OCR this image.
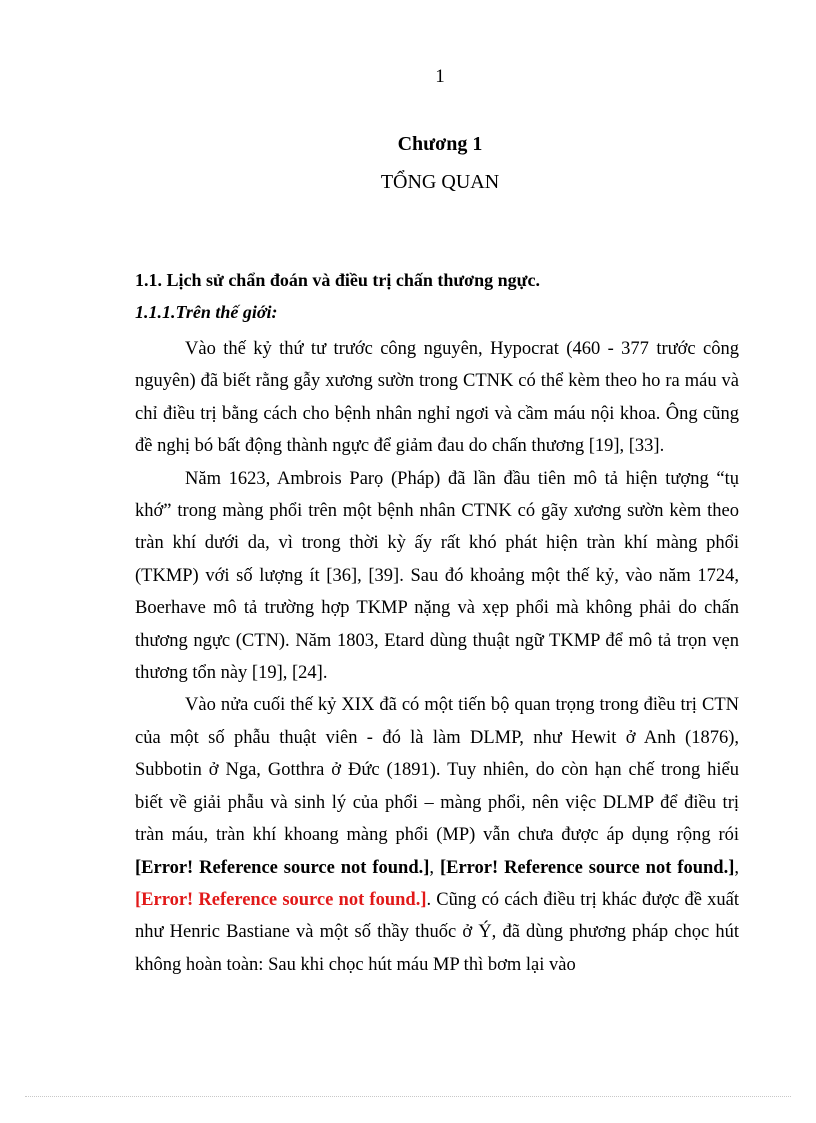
1
Chương 1
TỔNG QUAN
1.1. Lịch sử chẩn đoán và điều trị chấn thương ngực.
1.1.1.Trên thế giới:

Vào thế kỷ thứ tư trước công nguyên, Hypocrat (460 - 377 trước công nguyên) đã biết rằng gẫy xương sườn trong CTNK có thể kèm theo ho ra máu và chỉ điều trị bằng cách cho bệnh nhân nghỉ ngơi và cầm máu nội khoa. Ông cũng đề nghị bó bất động thành ngực để giảm đau do chấn thương [19], [33].

Năm 1623, Ambrois Parọ (Pháp) đã lần đầu tiên mô tả hiện tượng “tụ khớ” trong màng phổi trên một bệnh nhân CTNK có gãy xương sườn kèm theo tràn khí dưới da, vì trong thời kỳ ấy rất khó phát hiện tràn khí màng phổi (TKMP) với số lượng ít [36], [39]. Sau đó khoảng một thế kỷ, vào năm 1724, Boerhave mô tả trường hợp TKMP nặng và xẹp phổi mà không phải do chấn thương ngực (CTN). Năm 1803, Etard dùng thuật ngữ TKMP để mô tả trọn vẹn thương tổn này [19], [24].

Vào nửa cuối thế kỷ XIX đã có một tiến bộ quan trọng trong điều trị CTN của một số phẫu thuật viên - đó là làm DLMP, như Hewit ở Anh (1876), Subbotin ở Nga, Gotthra ở Đức (1891). Tuy nhiên, do còn hạn chế trong hiểu biết về giải phẫu và sinh lý của phổi – màng phổi, nên việc DLMP để điều trị tràn máu, tràn khí khoang màng phổi (MP) vẫn chưa được áp dụng rộng rói [Error! Reference source not found.], [Error! Reference source not found.], [Error! Reference source not found.]. Cũng có cách điều trị khác được đề xuất như Henric Bastiane và một số thầy thuốc ở Ý, đã dùng phương pháp chọc hút không hoàn toàn: Sau khi chọc hút máu MP thì bơm lại vào
